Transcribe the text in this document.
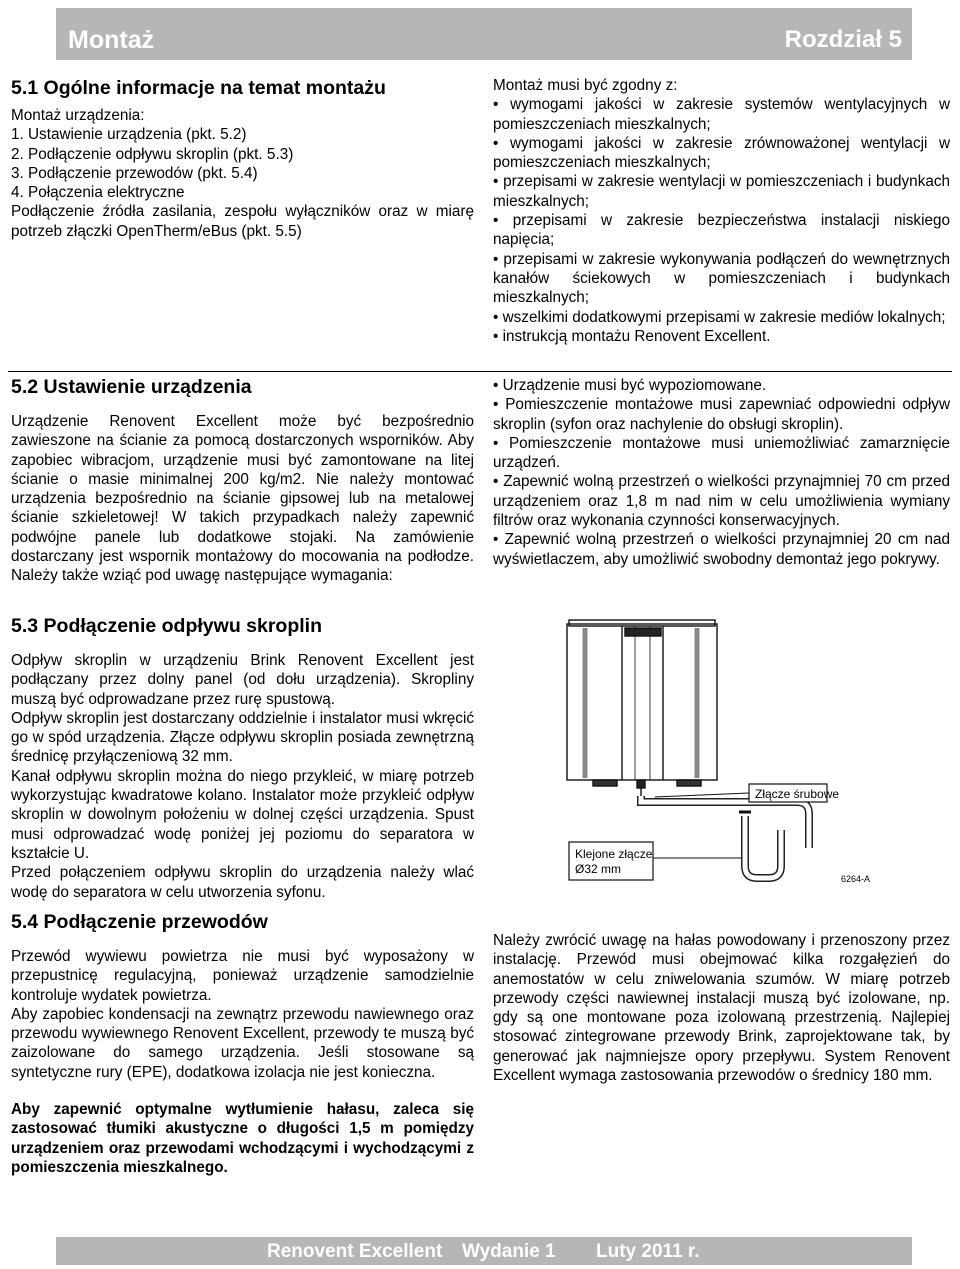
Montaż	Rozdział 5
5.1 Ogólne informacje na temat montażu
Montaż urządzenia:
1. Ustawienie urządzenia (pkt. 5.2)
2. Podłączenie odpływu skroplin (pkt. 5.3)
3. Podłączenie przewodów (pkt. 5.4)
4. Połączenia elektryczne

Podłączenie źródła zasilania, zespołu wyłączników oraz w miarę potrzeb złączki OpenTherm/eBus (pkt. 5.5)

Montaż musi być zgodny z:

• wymogami jakości w zakresie systemów wentylacyjnych w pomieszczeniach mieszkalnych;

• wymogami jakości w zakresie zrównoważonej wentylacji w pomieszczeniach mieszkalnych;

• przepisami w zakresie wentylacji w pomieszczeniach i budynkach mieszkalnych;

• przepisami w zakresie bezpieczeństwa instalacji niskiego napięcia;

• przepisami w zakresie wykonywania podłączeń do wewnętrznych kanałów ściekowych w pomieszczeniach i budynkach mieszkalnych;

• wszelkimi dodatkowymi przepisami w zakresie mediów lokalnych;

• instrukcją montażu Renovent Excellent.

5.2 Ustawienie urządzenia

Urządzenie Renovent Excellent może być bezpośrednio zawieszone na ścianie za pomocą dostarczonych wsporników. Aby zapobiec wibracjom, urządzenie musi być zamontowane na litej ścianie o masie minimalnej 200 kg/m2. Nie należy montować urządzenia bezpośrednio na ścianie gipsowej lub na metalowej ścianie szkieletowej! W takich przypadkach należy zapewnić podwójne panele lub dodatkowe stojaki. Na zamówienie dostarczany jest wspornik montażowy do mocowania na podłodze. Należy także wziąć pod uwagę następujące wymagania:

• Urządzenie musi być wypoziomowane.

• Pomieszczenie montażowe musi zapewniać odpowiedni odpływ skroplin (syfon oraz nachylenie do obsługi skroplin).

• Pomieszczenie montażowe musi uniemożliwiać zamarznięcie urządzeń.

• Zapewnić wolną przestrzeń o wielkości przynajmniej 70 cm przed urządzeniem oraz 1,8 m nad nim w celu umożliwienia wymiany filtrów oraz wykonania czynności konserwacyjnych.

• Zapewnić wolną przestrzeń o wielkości przynajmniej 20 cm nad wyświetlaczem, aby umożliwić swobodny demontaż jego pokrywy.

5.3 Podłączenie odpływu skroplin

Odpływ skroplin w urządzeniu Brink Renovent Excellent jest podłączany przez dolny panel (od dołu urządzenia). Skropliny muszą być odprowadzane przez rurę spustową.

Odpływ skroplin jest dostarczany oddzielnie i instalator musi wkręcić go w spód urządzenia. Złącze odpływu skroplin posiada zewnętrzną średnicę przyłączeniową 32 mm.

Kanał odpływu skroplin można do niego przykleić, w miarę potrzeb wykorzystując kwadratowe kolano. Instalator może przykleić odpływ skroplin w dowolnym położeniu w dolnej części urządzenia. Spust musi odprowadzać wodę poniżej jej poziomu do separatora w kształcie U.

Przed połączeniem odpływu skroplin do urządzenia należy wlać wodę do separatora w celu utworzenia syfonu.

Złącze śrubowe
Klejone złącze
Ø32 mm
6264-A
5.4 Podłączenie przewodów

Przewód wywiewu powietrza nie musi być wyposażony w przepustnicę regulacyjną, ponieważ urządzenie samodzielnie kontroluje wydatek powietrza.

Aby zapobiec kondensacji na zewnątrz przewodu nawiewnego oraz przewodu wywiewnego Renovent Excellent, przewody te muszą być zaizolowane do samego urządzenia. Jeśli stosowane są syntetyczne rury (EPE), dodatkowa izolacja nie jest konieczna.

Aby zapewnić optymalne wytłumienie hałasu, zaleca się zastosować tłumiki akustyczne o długości 1,5 m pomiędzy urządzeniem oraz przewodami wchodzącymi i wychodzącymi z pomieszczenia mieszkalnego.

Należy zwrócić uwagę na hałas powodowany i przenoszony przez instalację. Przewód musi obejmować kilka rozgałęzień do anemostatów w celu zniwelowania szumów. W miarę potrzeb przewody części nawiewnej instalacji muszą być izolowane, np. gdy są one montowane poza izolowaną przestrzenią. Najlepiej stosować zintegrowane przewody Brink, zaprojektowane tak, by generować jak najmniejsze opory przepływu. System Renovent Excellent wymaga zastosowania przewodów o średnicy 180 mm.

Renovent Excellent Wydanie 1 Luty 2011 r.
